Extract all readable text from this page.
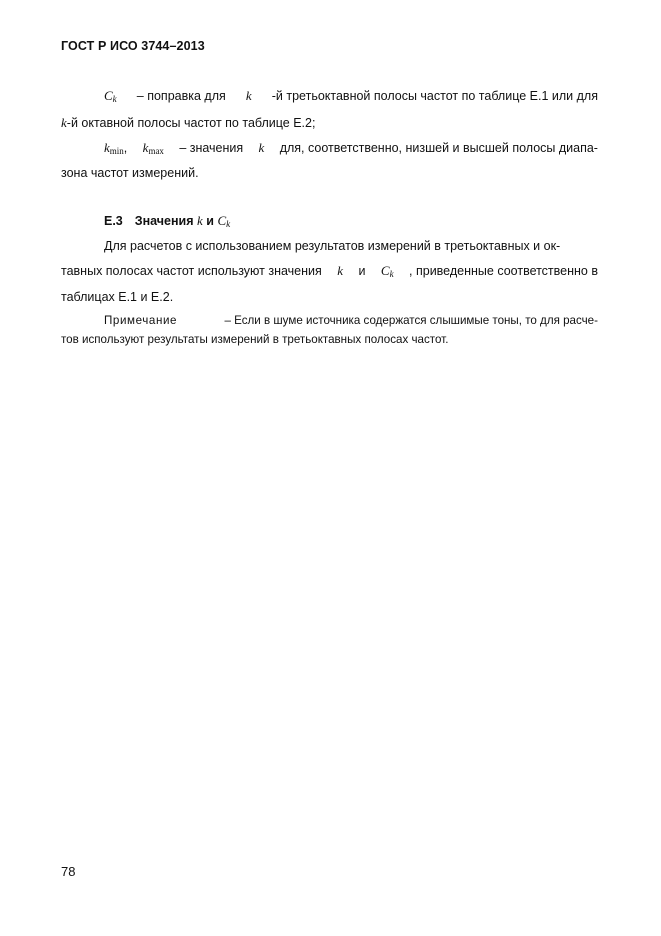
ГОСТ Р ИСО 3744–2013
Ck – поправка для k -й третьоктавной полосы частот по таблице Е.1 или для
k-й октавной полосы частот по таблице Е.2;
kmin, kmax – значения k для, соответственно, низшей и высшей полосы диапа-
зона частот измерений.
Е.3 Значения k и Ck
Для расчетов с использованием результатов измерений в третьоктавных и ок-
тавных полосах частот используют значения k и Ck , приведенные соответственно в
таблицах Е.1 и Е.2.
Примечание	– Если в шуме источника содержатся слышимые тоны, то для расче-
тов используют результаты измерений в третьоктавных полосах частот.
78
